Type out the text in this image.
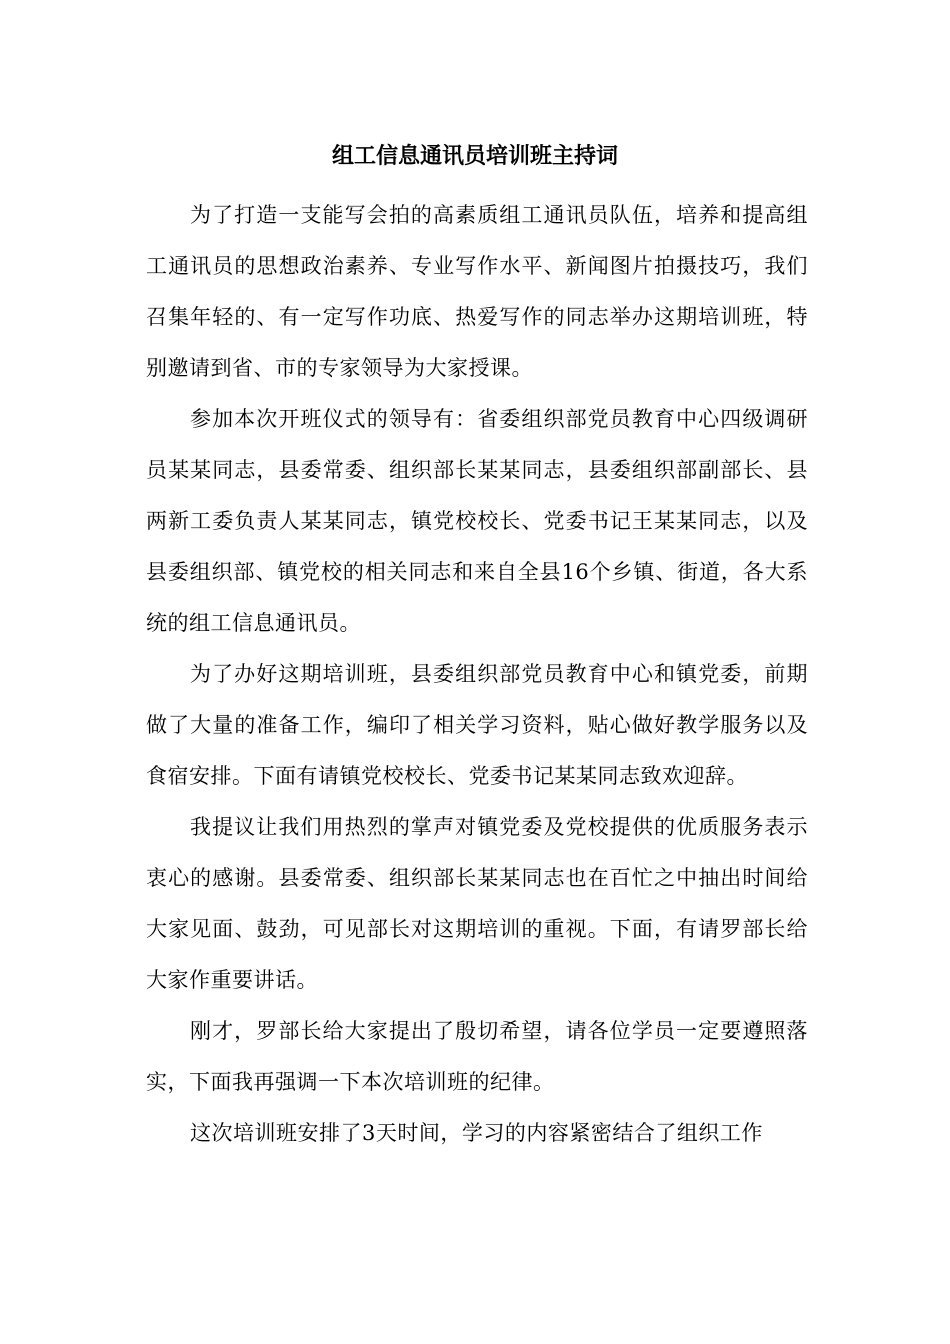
组工信息通讯员培训班主持词

为了打造一支能写会拍的高素质组工通讯员队伍，培养和提高组工通讯员的思想政治素养、专业写作水平、新闻图片拍摄技巧，我们召集年轻的、有一定写作功底、热爱写作的同志举办这期培训班，特别邀请到省、市的专家领导为大家授课。

参加本次开班仪式的领导有：省委组织部党员教育中心四级调研员某某同志，县委常委、组织部长某某同志，县委组织部副部长、县两新工委负责人某某同志，镇党校校长、党委书记王某某同志，以及县委组织部、镇党校的相关同志和来自全县16个乡镇、街道，各大系统的组工信息通讯员。

为了办好这期培训班，县委组织部党员教育中心和镇党委，前期做了大量的准备工作，编印了相关学习资料，贴心做好教学服务以及食宿安排。下面有请镇党校校长、党委书记某某同志致欢迎辞。

我提议让我们用热烈的掌声对镇党委及党校提供的优质服务表示衷心的感谢。县委常委、组织部长某某同志也在百忙之中抽出时间给大家见面、鼓劲，可见部长对这期培训的重视。下面，有请罗部长给大家作重要讲话。

刚才，罗部长给大家提出了殷切希望，请各位学员一定要遵照落实，下面我再强调一下本次培训班的纪律。

这次培训班安排了3天时间，学习的内容紧密结合了组织工作
